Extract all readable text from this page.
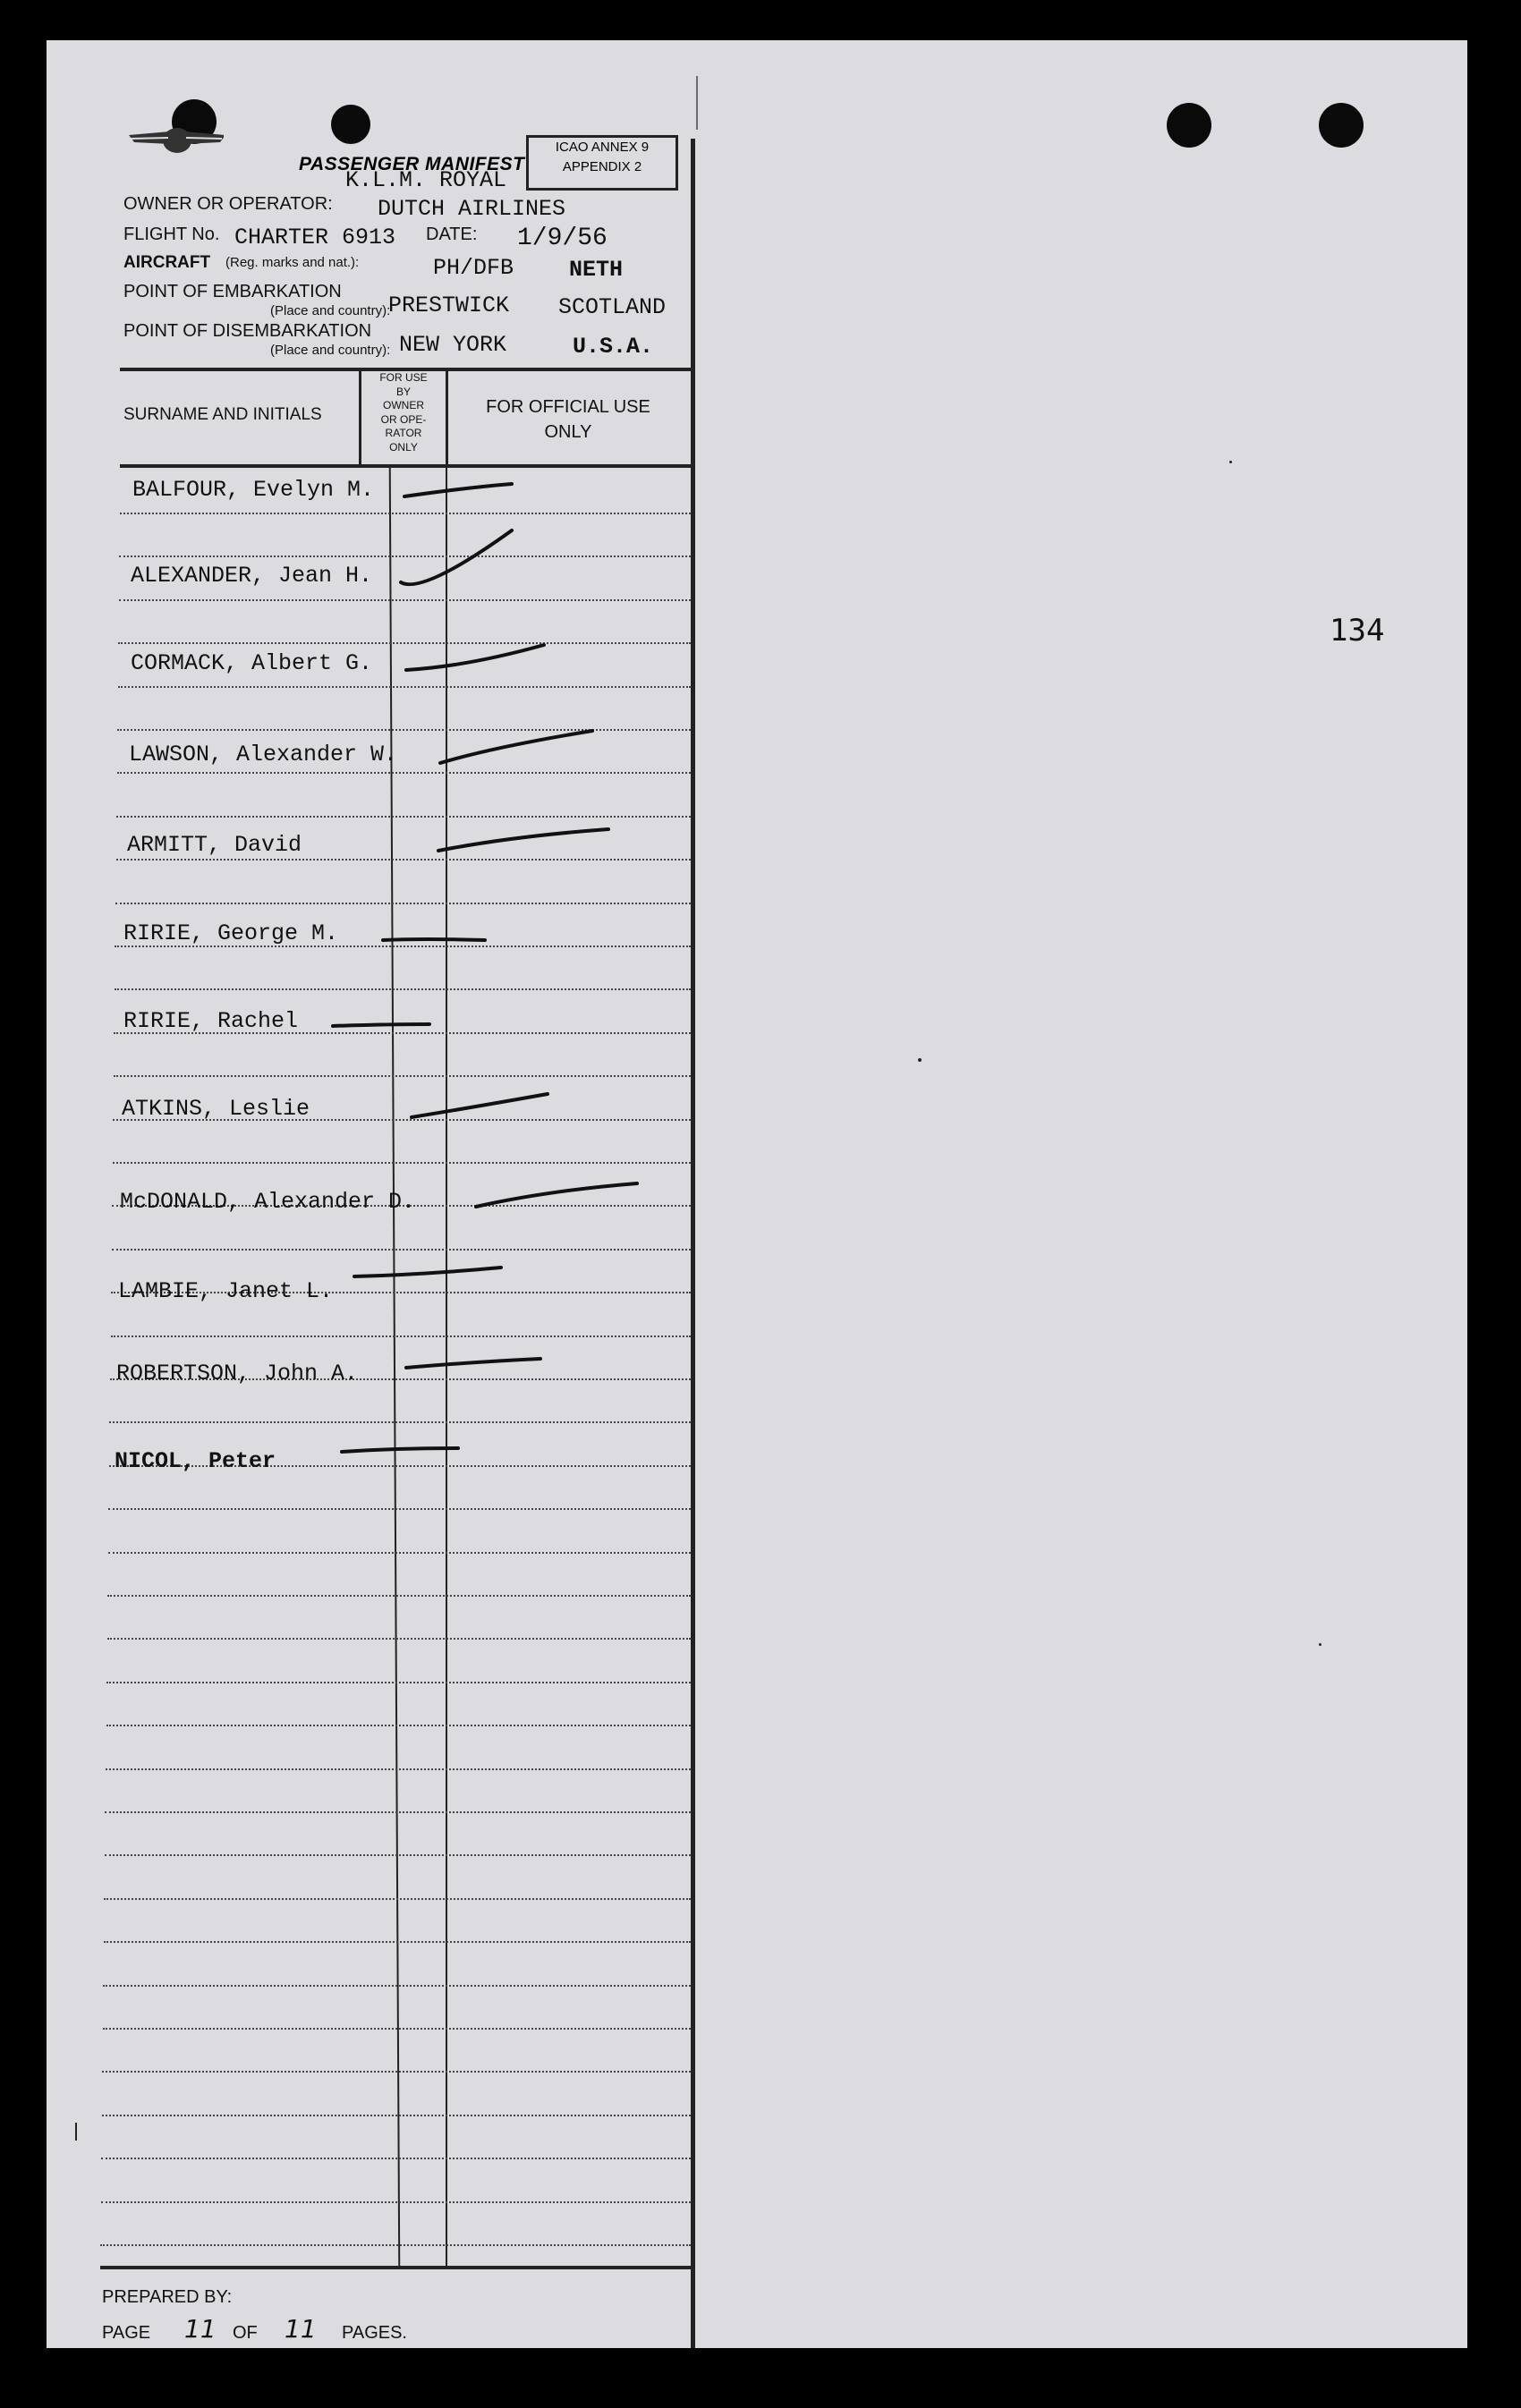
PASSENGER MANIFEST
ICAO ANNEX 9
APPENDIX 2
K.L.M. ROYAL
OWNER OR OPERATOR: DUTCH AIRLINES
FLIGHT No. CHARTER 6913 DATE: 1/9/56
AIRCRAFT (Reg. marks and nat.):	PH/DFB NETH
POINT OF EMBARKATION
(Place and country):
PRESTWICK SCOTLAND
POINT OF DISEMBARKATION
(Place and country): NEW YORK	U.S.A.
SURNAME AND INITIALS
FOR USE
BY
OWNER
OR OPE-
RATOR
ONLY
FOR OFFICIAL USE
ONLY
BALFOUR, Evelyn M.
ALEXANDER, Jean H.
CORMACK, Albert G.
LAWSON, Alexander W.
ARMITT, David
RIRIE, George M.
RIRIE, Rachel
ATKINS, Leslie
McDONALD, Alexander D.
LAMBIE, Janet L.
ROBERTSON, John A.
NICOL, Peter
PREPARED BY:
PAGE 11 OF 11 PAGES.
134
